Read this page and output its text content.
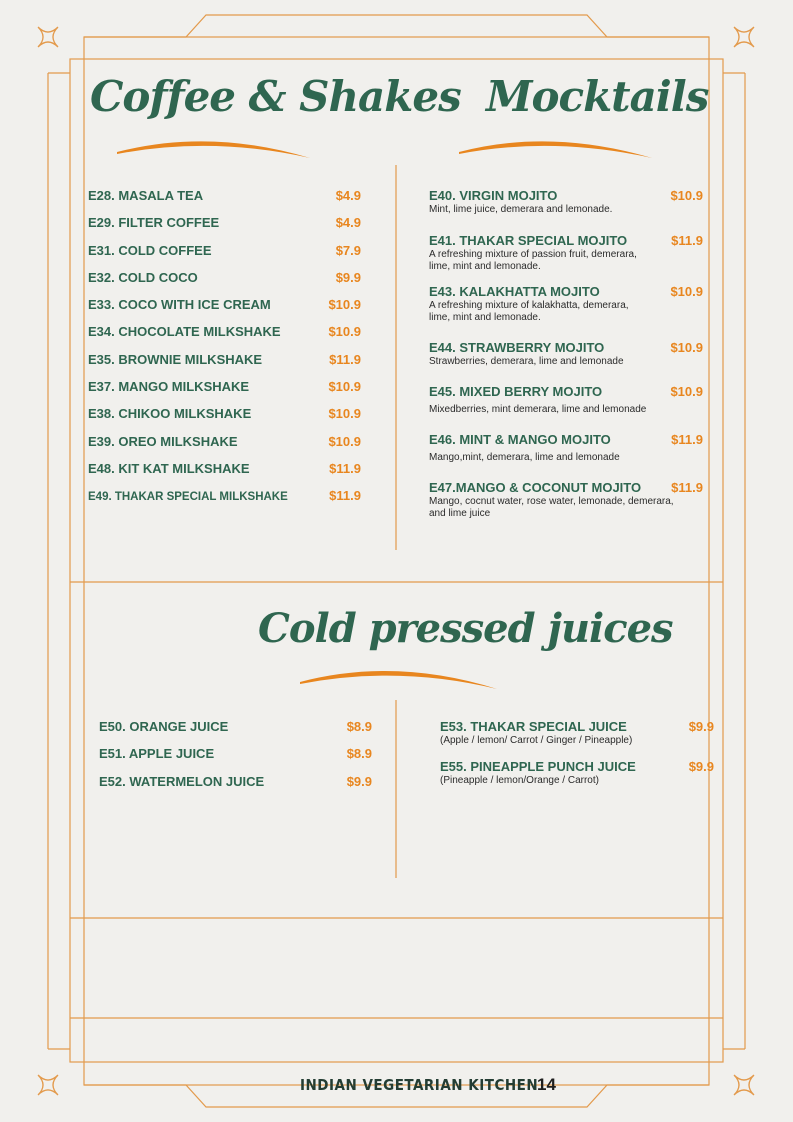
Coffee & Shakes Mocktails
Cold pressed juices
E28. MASALA TEA	$4.9
E29. FILTER COFFEE	$4.9
E31. COLD COFFEE	$7.9
E32. COLD COCO	$9.9
E33. COCO WITH ICE CREAM	$10.9
E34. CHOCOLATE MILKSHAKE	$10.9
E35. BROWNIE MILKSHAKE	$11.9
E37. MANGO MILKSHAKE	$10.9
E38. CHIKOO MILKSHAKE	$10.9
E39. OREO MILKSHAKE	$10.9
E48. KIT KAT MILKSHAKE	$11.9
E49. THAKAR SPECIAL MILKSHAKE	$11.9
E40. VIRGIN MOJITO	$10.9
Mint, lime juice, demerara and lemonade.
E41. THAKAR SPECIAL MOJITO	$11.9
A refreshing mixture of passion fruit, demerara, lime, mint and lemonade.
E43. KALAKHATTA MOJITO	$10.9
A refreshing mixture of kalakhatta, demerara, lime, mint and lemonade.
E44. STRAWBERRY MOJITO	$10.9
Strawberries, demerara, lime and lemonade
E45. MIXED BERRY MOJITO	$10.9
Mixedberries, mint demerara, lime and lemonade
E46. MINT & MANGO MOJITO	$11.9
Mango,mint, demerara, lime and lemonade
E47.MANGO & COCONUT MOJITO $11.9
Mango, cocnut water, rose water, lemonade, demerara, and lime juice
E50. ORANGE JUICE	$8.9
E51. APPLE JUICE	$8.9
E52. WATERMELON JUICE	$9.9
E53. THAKAR SPECIAL JUICE	$9.9
(Apple / lemon/ Carrot / Ginger / Pineapple)
E55. PINEAPPLE PUNCH JUICE	$9.9
(Pineapple / lemon/Orange / Carrot)
INDIAN VEGETARIAN KITCHEN
14
